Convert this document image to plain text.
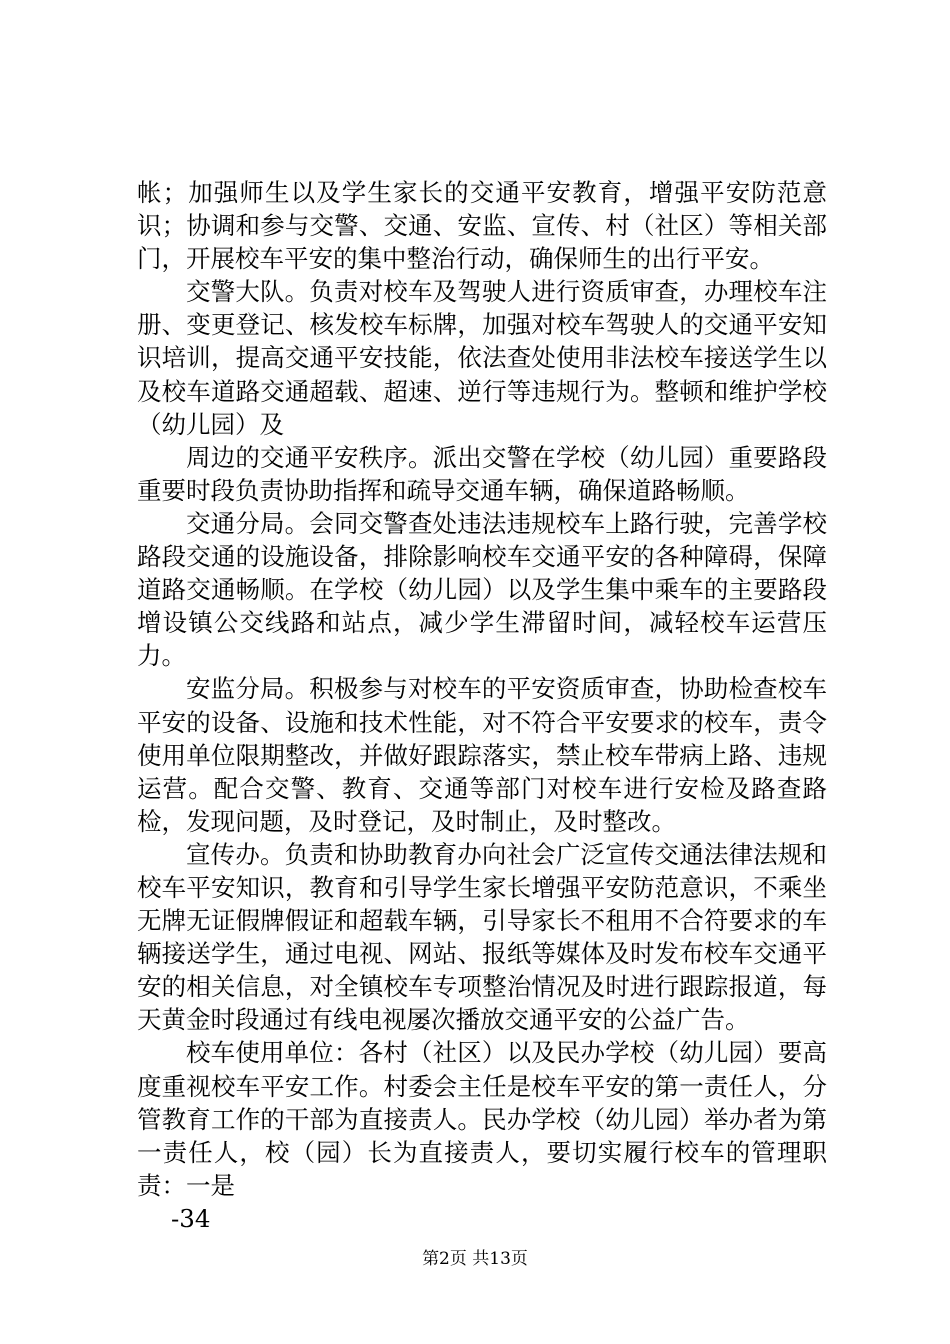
帐；加强师生以及学生家长的交通平安教育，增强平安防范意识；协调和参与交警、交通、安监、宣传、村（社区）等相关部门，开展校车平安的集中整治行动，确保师生的出行平安。

交警大队。负责对校车及驾驶人进行资质审查，办理校车注册、变更登记、核发校车标牌，加强对校车驾驶人的交通平安知识培训，提高交通平安技能，依法查处使用非法校车接送学生以及校车道路交通超载、超速、逆行等违规行为。整顿和维护学校（幼儿园）及

周边的交通平安秩序。派出交警在学校（幼儿园）重要路段重要时段负责协助指挥和疏导交通车辆，确保道路畅顺。

交通分局。会同交警查处违法违规校车上路行驶，完善学校路段交通的设施设备，排除影响校车交通平安的各种障碍，保障道路交通畅顺。在学校（幼儿园）以及学生集中乘车的主要路段增设镇公交线路和站点，减少学生滞留时间，减轻校车运营压力。

安监分局。积极参与对校车的平安资质审查，协助检查校车平安的设备、设施和技术性能，对不符合平安要求的校车，责令使用单位限期整改，并做好跟踪落实，禁止校车带病上路、违规运营。配合交警、教育、交通等部门对校车进行安检及路查路检，发现问题，及时登记，及时制止，及时整改。

宣传办。负责和协助教育办向社会广泛宣传交通法律法规和校车平安知识，教育和引导学生家长增强平安防范意识，不乘坐无牌无证假牌假证和超载车辆，引导家长不租用不合符要求的车辆接送学生，通过电视、网站、报纸等媒体及时发布校车交通平安的相关信息，对全镇校车专项整治情况及时进行跟踪报道，每天黄金时段通过有线电视屡次播放交通平安的公益广告。

校车使用单位：各村（社区）以及民办学校（幼儿园）要高度重视校车平安工作。村委会主任是校车平安的第一责任人，分管教育工作的干部为直接责人。民办学校（幼儿园）举办者为第一责任人，校（园）长为直接责人，要切实履行校车的管理职责：一是

-34

第2页 共13页
